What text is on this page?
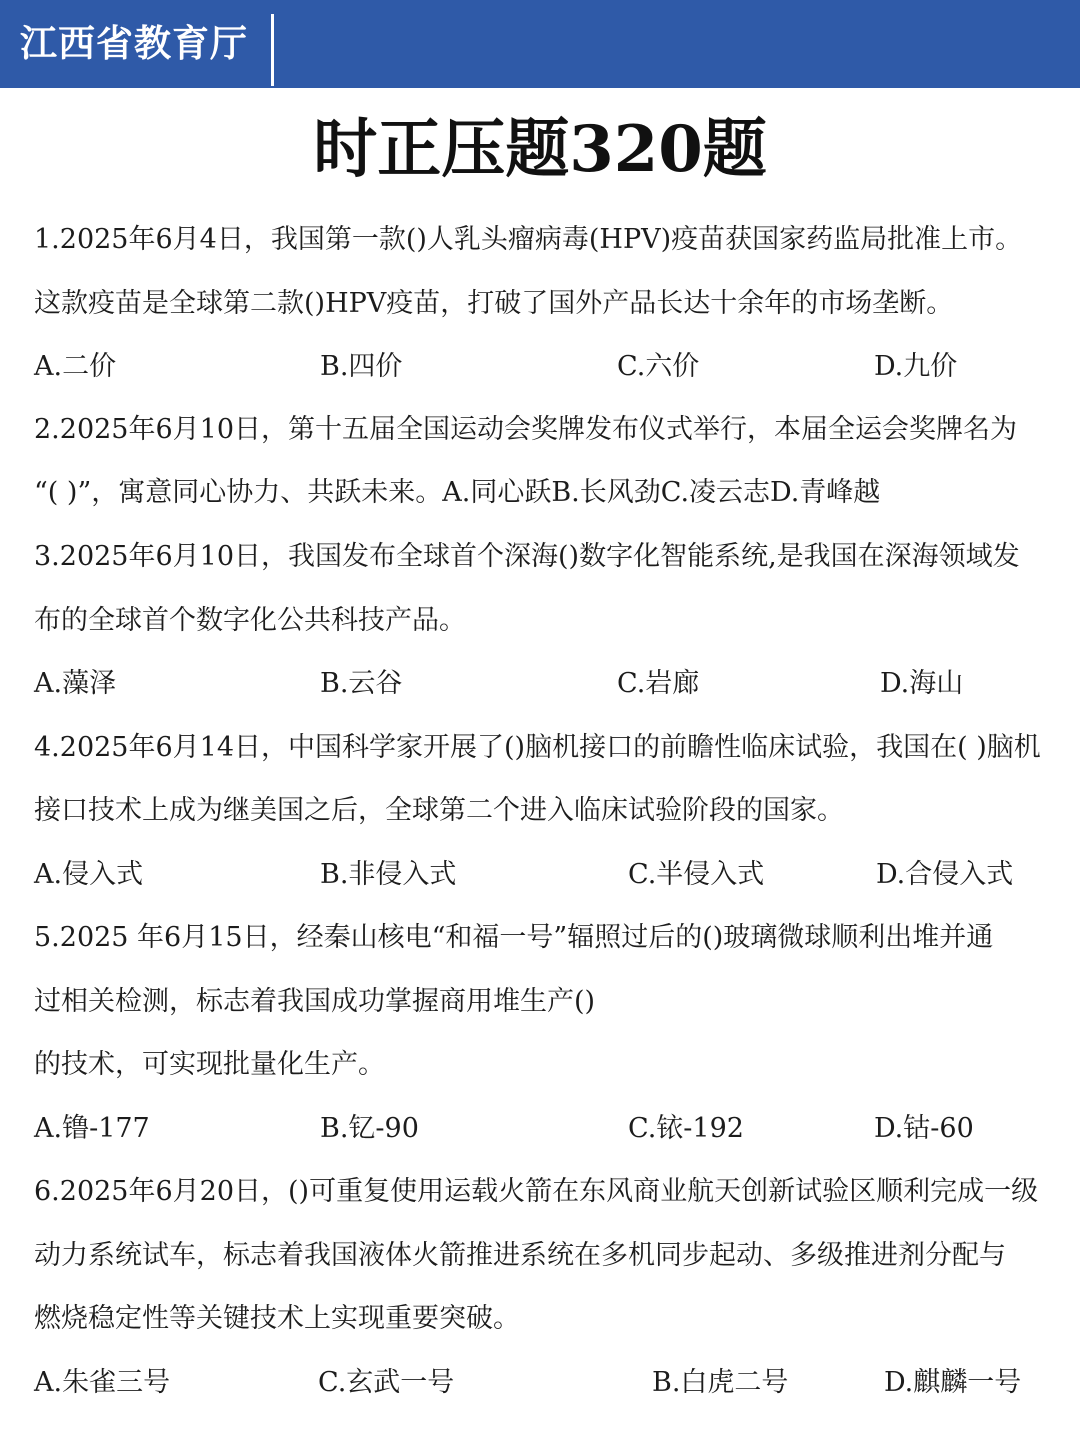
江西省教育厅
时正压题320题
1.2025年6月4日，我国第一款()人乳头瘤病毒(HPV)疫苗获国家药监局批准上市。
这款疫苗是全球第二款()HPV疫苗，打破了国外产品长达十余年的市场垄断。
A.二价	B.四价	C.六价	D.九价
2.2025年6月10日，第十五届全国运动会奖牌发布仪式举行，本届全运会奖牌名为
“( )”，寓意同心协力、共跃未来。A.同心跃B.长风劲C.凌云志D.青峰越
3.2025年6月10日，我国发布全球首个深海()数字化智能系统,是我国在深海领域发
布的全球首个数字化公共科技产品。
A.藻泽	B.云谷	C.岩廊	D.海山
4.2025年6月14日，中国科学家开展了()脑机接口的前瞻性临床试验，我国在( )脑机
接口技术上成为继美国之后，全球第二个进入临床试验阶段的国家。
A.侵入式	B.非侵入式	C.半侵入式	D.合侵入式
5.2025 年6月15日，经秦山核电“和福一号”辐照过后的()玻璃微球顺利出堆并通
过相关检测，标志着我国成功掌握商用堆生产()
的技术，可实现批量化生产。
A.镥-177	B.钇-90	C.铱-192	D.钴-60
6.2025年6月20日，()可重复使用运载火箭在东风商业航天创新试验区顺利完成一级
动力系统试车，标志着我国液体火箭推进系统在多机同步起动、多级推进剂分配与
燃烧稳定性等关键技术上实现重要突破。
A.朱雀三号	C.玄武一号	B.白虎二号	D.麒麟一号
